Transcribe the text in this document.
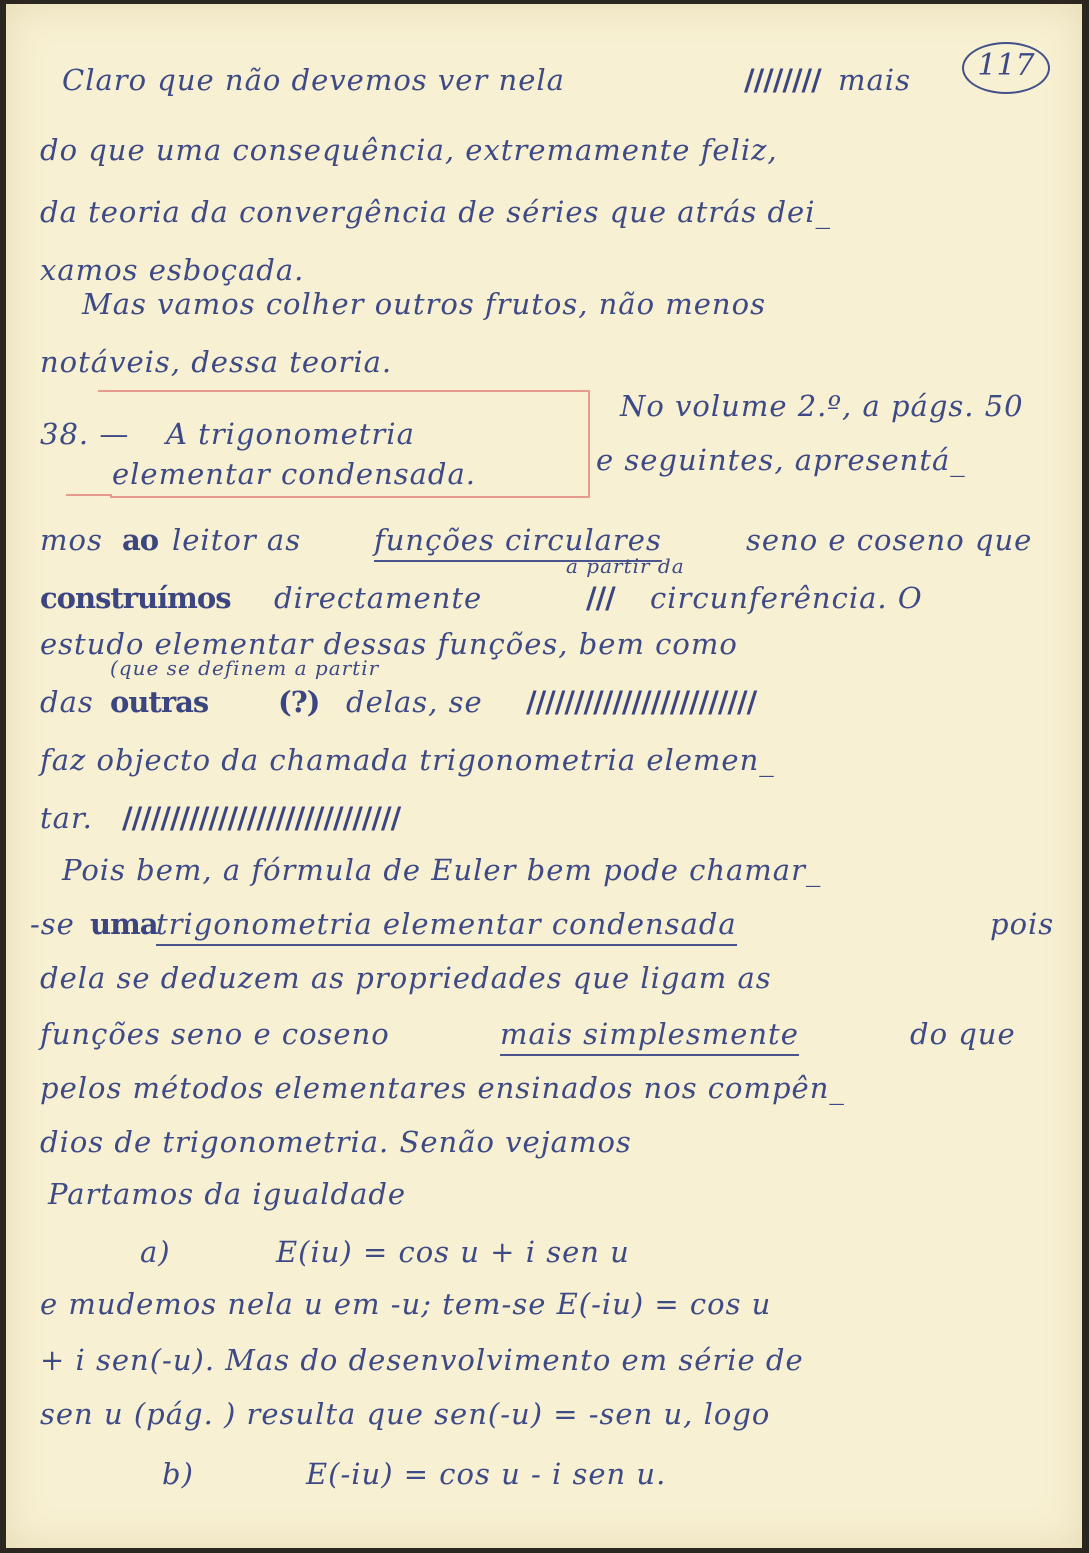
117
Claro que não devemos ver nela	//////// mais
do que uma consequência, extremamente feliz,
da teoria da convergência de séries que atrás dei_
xamos esboçada.
Mas vamos colher outros frutos, não menos
notáveis, dessa teoria.
38. — A trigonometria
elementar condensada.
No volume 2.º, a págs. 50
e seguintes, apresentá_
mos ao leitor as	funções circulares	seno e coseno que
a partir da
construímos directamente	/// circunferência. O
estudo elementar dessas funções, bem como
(que se definem a partir
das outras (?) delas, se ////////////////////////
faz objecto da chamada trigonometria elemen_
tar. /////////////////////////////
Pois bem, a fórmula de Euler bem pode chamar_
-se uma
trigonometria elementar condensada	pois
dela se deduzem as propriedades que ligam as
funções seno e coseno	mais simplesmente	do que
pelos métodos elementares ensinados nos compên_
dios de trigonometria. Senão vejamos
Partamos da igualdade
a)	E(iu) = cos u + i sen u
e mudemos nela u em -u; tem-se E(-iu) = cos u
+ i sen(-u). Mas do desenvolvimento em série de
sen u (pág. ) resulta que sen(-u) = -sen u, logo
b)	E(-iu) = cos u - i sen u.
